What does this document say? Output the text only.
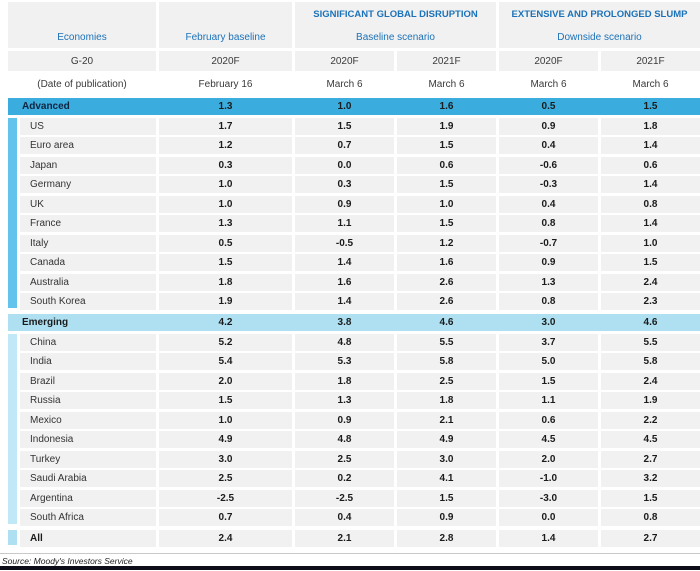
Economies	February baseline
SIGNIFICANT GLOBAL DISRUPTION
Baseline scenario
EXTENSIVE AND PROLONGED SLUMP
Downside scenario
G-20	2020F	2020F	2021F	2020F	2021F
(Date of publication)	February 16	March 6	March 6	March 6	March 6
Advanced	1.3	1.0	1.6	0.5	1.5
US	1.7	1.5	1.9	0.9	1.8
Euro area	1.2	0.7	1.5	0.4	1.4
Japan	0.3	0.0	0.6	-0.6	0.6
Germany	1.0	0.3	1.5	-0.3	1.4
UK	1.0	0.9	1.0	0.4	0.8
France	1.3	1.1	1.5	0.8	1.4
Italy	0.5	-0.5	1.2	-0.7	1.0
Canada	1.5	1.4	1.6	0.9	1.5
Australia	1.8	1.6	2.6	1.3	2.4
South Korea	1.9	1.4	2.6	0.8	2.3
Emerging	4.2	3.8	4.6	3.0	4.6
China	5.2	4.8	5.5	3.7	5.5
India	5.4	5.3	5.8	5.0	5.8
Brazil	2.0	1.8	2.5	1.5	2.4
Russia	1.5	1.3	1.8	1.1	1.9
Mexico	1.0	0.9	2.1	0.6	2.2
Indonesia	4.9	4.8	4.9	4.5	4.5
Turkey	3.0	2.5	3.0	2.0	2.7
Saudi Arabia	2.5	0.2	4.1	-1.0	3.2
Argentina	-2.5	-2.5	1.5	-3.0	1.5
South Africa	0.7	0.4	0.9	0.0	0.8
All	2.4	2.1	2.8	1.4	2.7
Source: Moody's Investors Service
